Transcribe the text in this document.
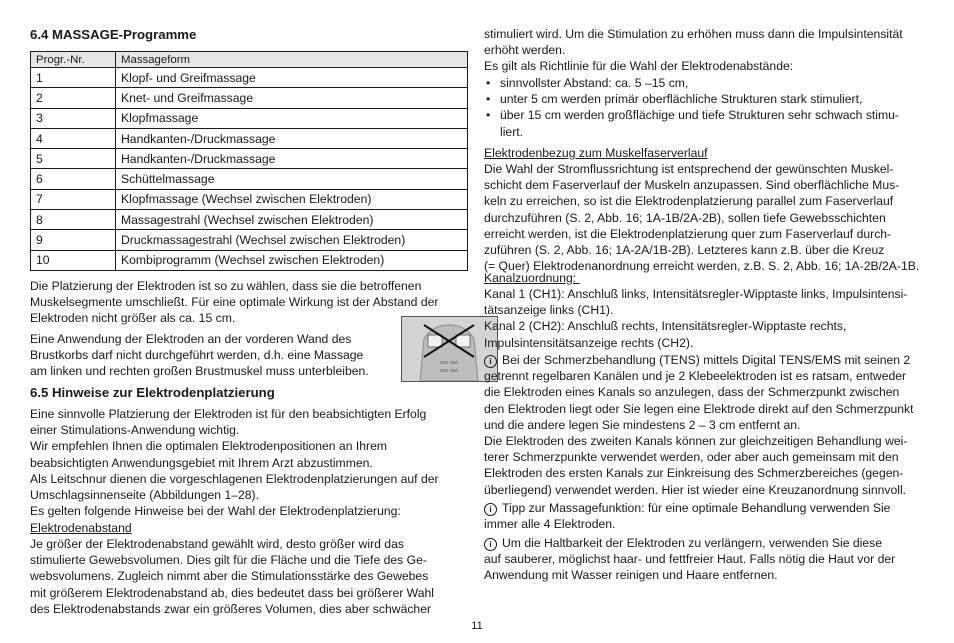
6.4 MASSAGE-Programme
Progr.-Nr.	Massageform
1	Klopf- und Greifmassage
2	Knet- und Greifmassage
3	Klopfmassage
4	Handkanten-/Druckmassage
5	Handkanten-/Druckmassage
6	Schüttelmassage
7	Klopfmassage (Wechsel zwischen Elektroden)
8	Massagestrahl (Wechsel zwischen Elektroden)
9	Druckmassagestrahl (Wechsel zwischen Elektroden)
10	Kombiprogramm (Wechsel zwischen Elektroden)

Die Platzierung der Elektroden ist so zu wählen, dass sie die betroffenen

Muskelsegmente umschließt. Für eine optimale Wirkung ist der Abstand der

Elektroden nicht größer als ca. 15 cm.

Eine Anwendung der Elektroden an der vorderen Wand des

Brustkorbs darf nicht durchgeführt werden, d.h. eine Massage

am linken und rechten großen Brustmuskel muss unterbleiben.

6.5 Hinweise zur Elektrodenplatzierung

Eine sinnvolle Platzierung der Elektroden ist für den beabsichtigten Erfolg

einer Stimulations-Anwendung wichtig.

Wir empfehlen Ihnen die optimalen Elektrodenpositionen an Ihrem

beabsichtigten Anwendungsgebiet mit Ihrem Arzt abzustimmen.

Als Leitschnur dienen die vorgeschlagenen Elektrodenplatzierungen auf der

Umschlagsinnenseite (Abbildungen 1–28).

Es gelten folgende Hinweise bei der Wahl der Elektrodenplatzierung:

Elektrodenabstand

Je größer der Elektrodenabstand gewählt wird, desto größer wird das

stimulierte Gewebsvolumen. Dies gilt für die Fläche und die Tiefe des Ge-

websvolumens. Zugleich nimmt aber die Stimulationsstärke des Gewebes

mit größerem Elektrodenabstand ab, dies bedeutet dass bei größerer Wahl

des Elektrodenabstands zwar ein größeres Volumen, dies aber schwächer

stimuliert wird. Um die Stimulation zu erhöhen muss dann die Impulsintensität

erhöht werden.

Es gilt als Richtlinie für die Wahl der Elektrodenabstände:

• sinnvollster Abstand: ca. 5 –15 cm,
• unter 5 cm werden primär oberflächliche Strukturen stark stimuliert,
• über 15 cm werden großflächige und tiefe Strukturen sehr schwach stimu-
liert.

Elektrodenbezug zum Muskelfaserverlauf

Die Wahl der Stromflussrichtung ist entsprechend der gewünschten Muskel-

schicht dem Faserverlauf der Muskeln anzupassen. Sind oberflächliche Mus-

keln zu erreichen, so ist die Elektrodenplatzierung parallel zum Faserverlauf

durchzuführen (S. 2, Abb. 16; 1A-1B/2A-2B), sollen tiefe Gewebsschichten

erreicht werden, ist die Elektrodenplatzierung quer zum Faserverlauf durch-

zuführen (S. 2, Abb. 16; 1A-2A/1B-2B). Letzteres kann z.B. über die Kreuz

(= Quer) Elektrodenanordnung erreicht werden, z.B. S. 2, Abb. 16; 1A-2B/2A-1B.

Kanalzuordnung:

Kanal 1 (CH1): Anschluß links, Intensitätsregler-Wipptaste links, Impulsintensi-

tätsanzeige links (CH1).

Kanal 2 (CH2): Anschluß rechts, Intensitätsregler-Wipptaste rechts,

Impulsintensitätsanzeige rechts (CH2).

i Bei der Schmerzbehandlung (TENS) mittels Digital TENS/EMS mit seinen 2

getrennt regelbaren Kanälen und je 2 Klebeelektroden ist es ratsam, entweder

die Elektroden eines Kanals so anzulegen, dass der Schmerzpunkt zwischen

den Elektroden liegt oder Sie legen eine Elektrode direkt auf den Schmerzpunkt

und die andere legen Sie mindestens 2 – 3 cm entfernt an.

Die Elektroden des zweiten Kanals können zur gleichzeitigen Behandlung wei-

terer Schmerzpunkte verwendet werden, oder aber auch gemeinsam mit den

Elektroden des ersten Kanals zur Einkreisung des Schmerzbereiches (gegen-

überliegend) verwendet werden. Hier ist wieder eine Kreuzanordnung sinnvoll.

i Tipp zur Massagefunktion: für eine optimale Behandlung verwenden Sie

immer alle 4 Elektroden.

i Um die Haltbarkeit der Elektroden zu verlängern, verwenden Sie diese

auf sauberer, möglichst haar- und fettfreier Haut. Falls nötig die Haut vor der

Anwendung mit Wasser reinigen und Haare entfernen.

11
